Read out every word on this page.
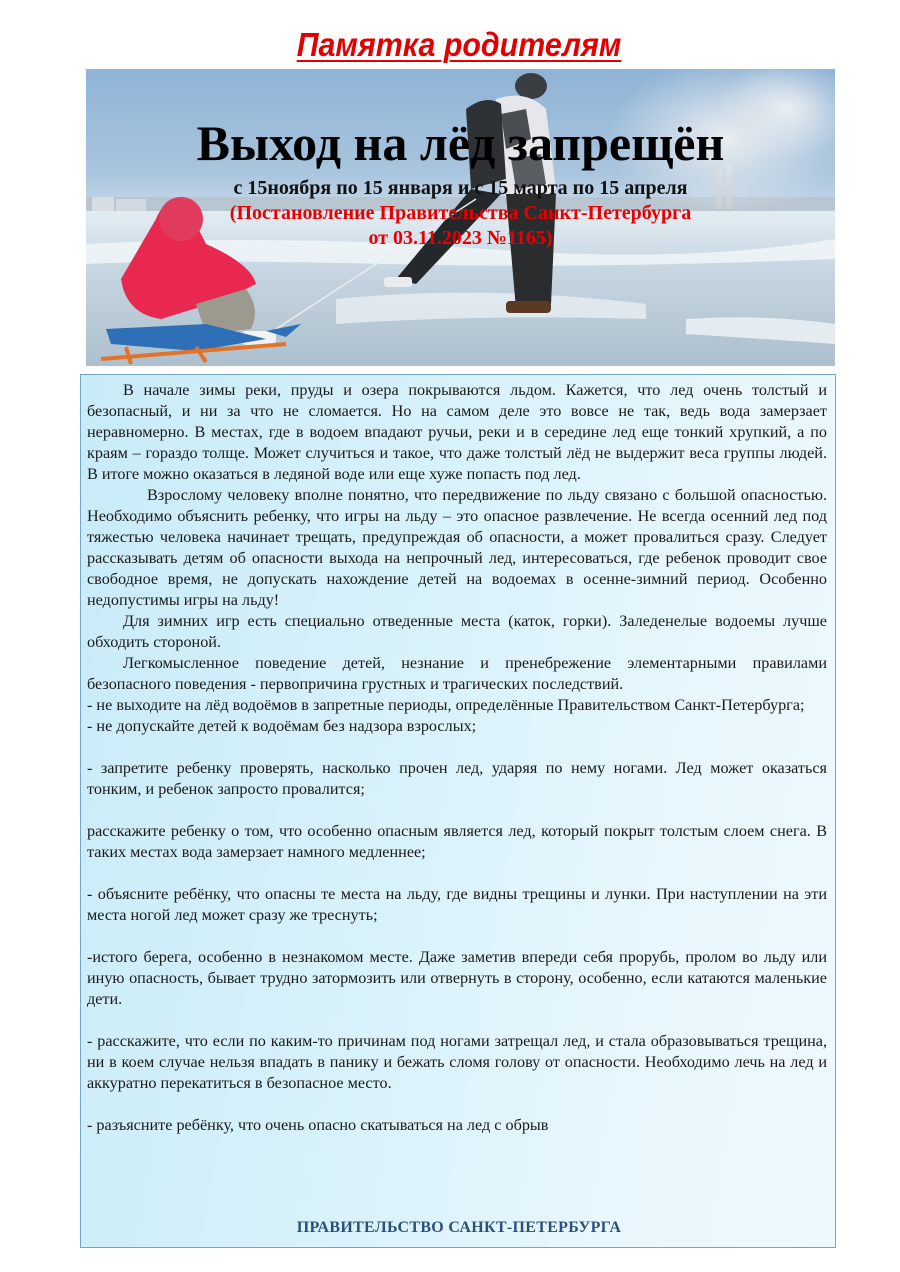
Памятка родителям
Выход на лёд запрещён
с 15ноября по 15 января и с 15 марта по 15 апреля
(Постановление Правительства Санкт-Петербурга
от 03.11.2023 №1165)

В начале зимы реки, пруды и озера покрываются льдом. Кажется, что лед очень толстый и безопасный, и ни за что не сломается. Но на самом деле это вовсе не так, ведь вода замерзает неравномерно. В местах, где в водоем впадают ручьи, реки и в середине лед еще тонкий хрупкий, а по краям – гораздо толще. Может случиться и такое, что даже толстый лёд не выдержит веса группы людей. В итоге можно оказаться в ледяной воде или еще хуже попасть под лед.

Взрослому человеку вполне понятно, что передвижение по льду связано с большой опасностью. Необходимо объяснить ребенку, что игры на льду – это опасное развлечение. Не всегда осенний лед под тяжестью человека начинает трещать, предупреждая об опасности, а может провалиться сразу. Следует рассказывать детям об опасности выхода на непрочный лед, интересоваться, где ребенок проводит свое свободное время, не допускать нахождение детей на водоемах в осенне-зимний период. Особенно недопустимы игры на льду!

Для зимних игр есть специально отведенные места (каток, горки). Заледенелые водоемы лучше обходить стороной.

Легкомысленное поведение детей, незнание и пренебрежение элементарными правилами безопасного поведения - первопричина грустных и трагических последствий.

- не выходите на лёд водоёмов в запретные периоды, определённые Правительством Санкт-Петербурга;

- не допускайте детей к водоёмам без надзора взрослых;

- запретите ребенку проверять, насколько прочен лед, ударяя по нему ногами. Лед может оказаться тонким, и ребенок запросто провалится;

расскажите ребенку о том, что особенно опасным является лед, который покрыт толстым слоем снега. В таких местах вода замерзает намного медленнее;

- объясните ребёнку, что опасны те места на льду, где видны трещины и лунки. При наступлении на эти места ногой лед может сразу же треснуть;

-истого берега, особенно в незнакомом месте. Даже заметив впереди себя прорубь, пролом во льду или иную опасность, бывает трудно затормозить или отвернуть в сторону, особенно, если катаются маленькие дети.

- расскажите, что если по каким-то причинам под ногами затрещал лед, и стала образовываться трещина, ни в коем случае нельзя впадать в панику и бежать сломя голову от опасности. Необходимо лечь на лед и аккуратно перекатиться в безопасное место.

- разъясните ребёнку, что очень опасно скатываться на лед с обрыв

ПРАВИТЕЛЬСТВО САНКТ-ПЕТЕРБУРГА
